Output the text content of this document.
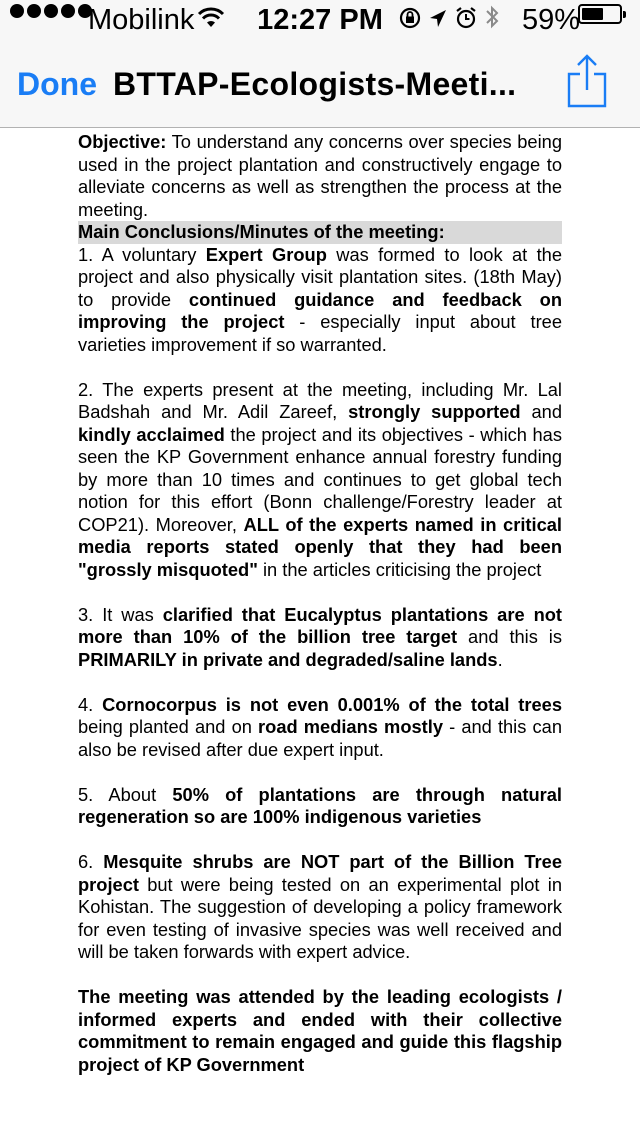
Mobilink	12:27 PM	59%
Done BTTAP-Ecologists-Meeti...

Objective: To understand any concerns over species being used in the project plantation and constructively engage to alleviate concerns as well as strengthen the process at the meeting.

Main Conclusions/Minutes of the meeting:

1. A voluntary Expert Group was formed to look at the project and also physically visit plantation sites. (18th May) to provide continued guidance and feedback on improving the project - especially input about tree varieties improvement if so warranted.

2. The experts present at the meeting, including Mr. Lal Badshah and Mr. Adil Zareef, strongly supported and kindly acclaimed the project and its objectives - which has seen the KP Government enhance annual forestry funding by more than 10 times and continues to get global tech notion for this effort (Bonn challenge/Forestry leader at COP21). Moreover, ALL of the experts named in critical media reports stated openly that they had been "grossly misquoted" in the articles criticising the project

3. It was clarified that Eucalyptus plantations are not more than 10% of the billion tree target and this is PRIMARILY in private and degraded/saline lands.

4. Cornocorpus is not even 0.001% of the total trees being planted and on road medians mostly - and this can also be revised after due expert input.

5. About 50% of plantations are through natural regeneration so are 100% indigenous varieties

6. Mesquite shrubs are NOT part of the Billion Tree project but were being tested on an experimental plot in Kohistan. The suggestion of developing a policy framework for even testing of invasive species was well received and will be taken forwards with expert advice.

The meeting was attended by the leading ecologists / informed experts and ended with their collective commitment to remain engaged and guide this flagship project of KP Government
